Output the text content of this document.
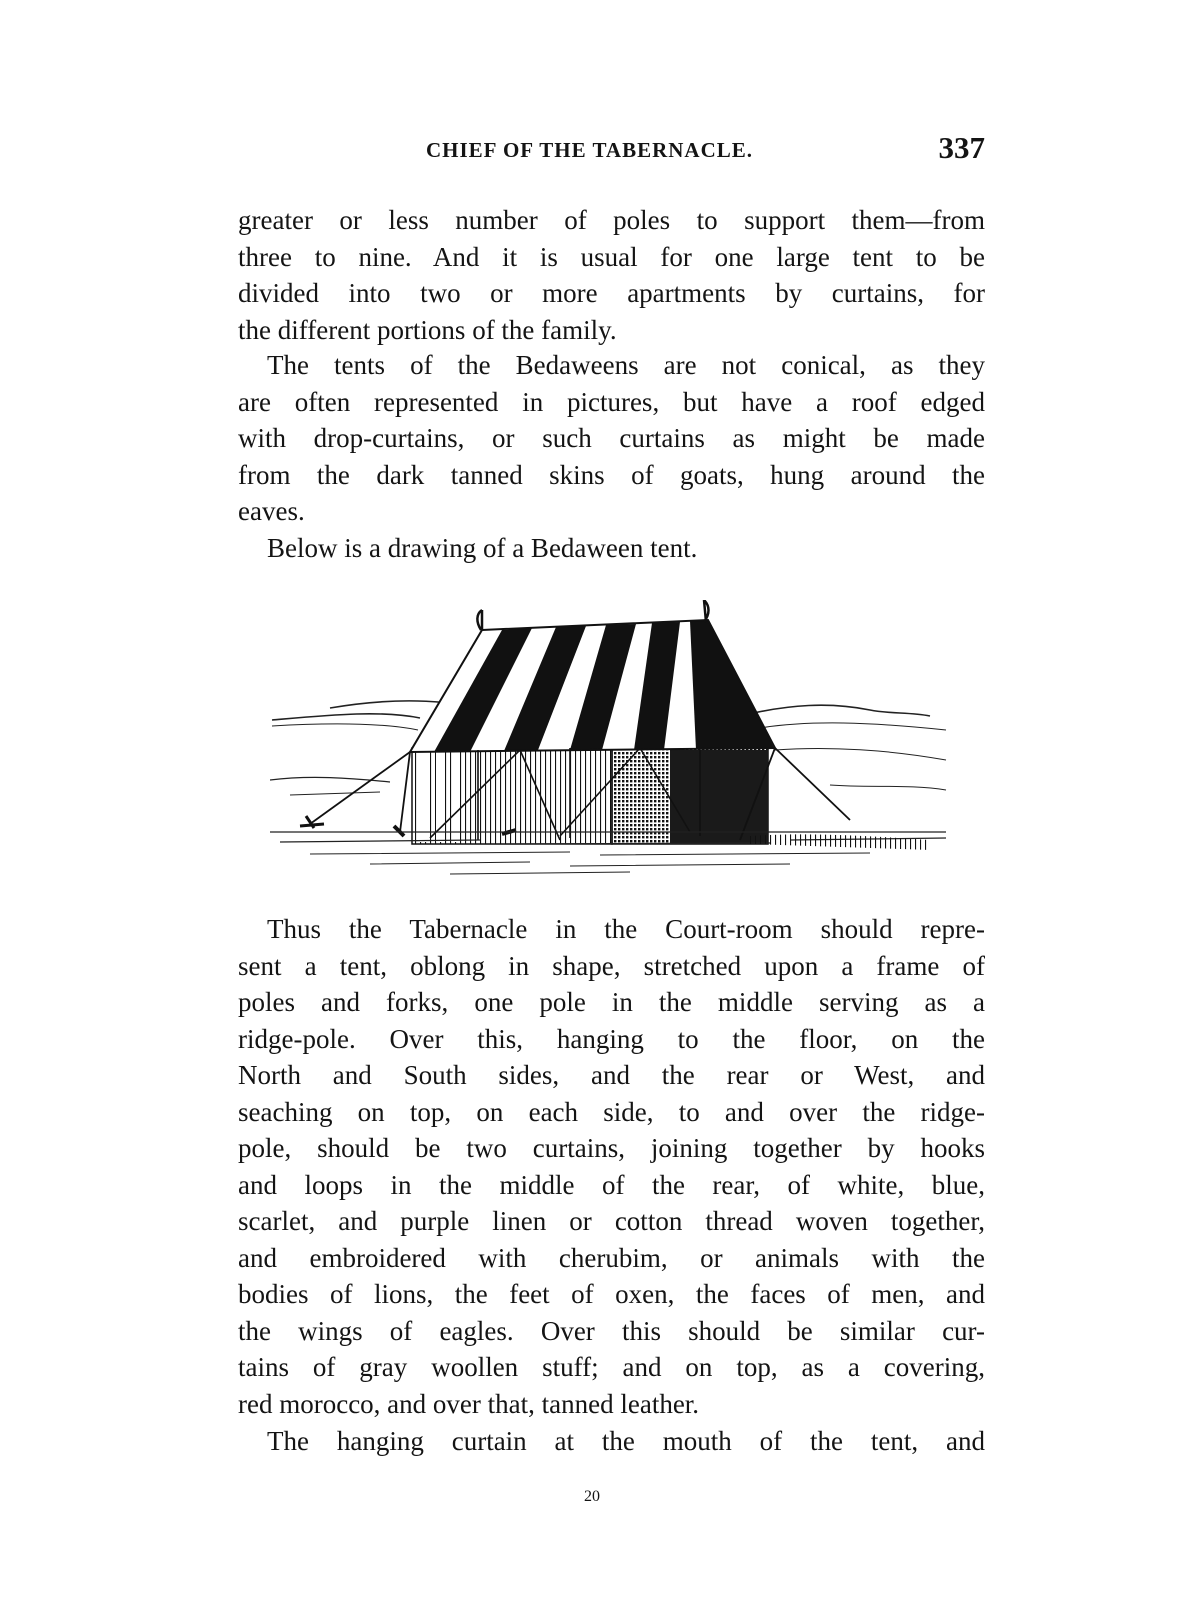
CHIEF OF THE TABERNACLE.	337

greater or less number of poles to support them—from
three to nine. And it is usual for one large tent to be
divided into two or more apartments by curtains, for
the different portions of the family.

The tents of the Bedaweens are not conical, as they
are often represented in pictures, but have a roof edged
with drop-curtains, or such curtains as might be made
from the dark tanned skins of goats, hung around the
eaves.

Below is a drawing of a Bedaween tent.

Thus the Tabernacle in the Court-room should repre-
sent a tent, oblong in shape, stretched upon a frame of
poles and forks, one pole in the middle serving as a
ridge-pole. Over this, hanging to the floor, on the
North and South sides, and the rear or West, and
seaching on top, on each side, to and over the ridge-
pole, should be two curtains, joining together by hooks
and loops in the middle of the rear, of white, blue,
scarlet, and purple linen or cotton thread woven together,
and embroidered with cherubim, or animals with the
bodies of lions, the feet of oxen, the faces of men, and
the wings of eagles. Over this should be similar cur-
tains of gray woollen stuff; and on top, as a covering,
red morocco, and over that, tanned leather.

The hanging curtain at the mouth of the tent, and

20
